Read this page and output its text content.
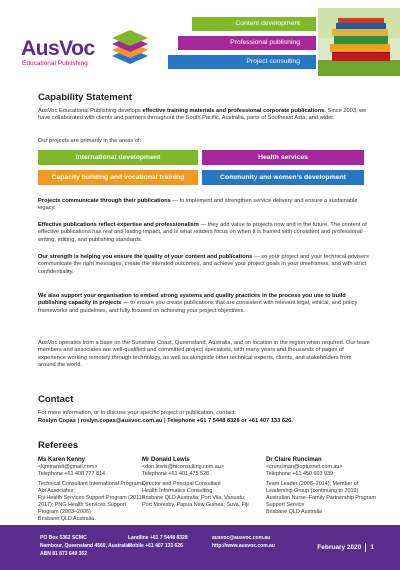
AusVoc
Educational Publishing
Content development
Professional publishing
Project consulting
Capability Statement

AusVoc Educational Publishing develops effective training materials and professional corporate publications. Since 2003, we have collaborated with clients and partners throughout the South Pacific, Australia, parts of Southeast Asia, and wider.

Our projects are primarily in the areas of:

International development	Health services
Capacity building and vocational training	Community and women’s development

Projects communicate through their publications — to implement and strengthen service delivery and ensure a sustainable legacy.

Effective publications reflect expertise and professionalism — they add value to projects now and in the future. The content of effective publications has real and lasting impact, and is what readers focus on when it is framed with consistent and professional writing, editing, and publishing standards.

Our strength is helping you ensure the quality of your content and publications — so your project and your technical advisers communicate the right messages, create the intended outcomes, and achieve your project goals in your timeframes, and with strict confidentiality.

We also support your organisation to embed strong systems and quality practices in the process you use to build publishing capacity in projects — to ensure you create publications that are consistent with relevant legal, ethical, and policy frameworks and guidelines, and fully focused on achieving your project objectives.

AusVoc operates from a base on the Sunshine Coast, Queensland, Australia, and on location in the region when required. Our team members and associates are well-qualified and committed project specialists, with many years and thousands of pages of experience working remotely through technology, as well as alongside other technical experts, clients, and stakeholders from around the world.

Contact

For more information, or to discuss your specific project or publication, contact:

Roslyn Copas | roslyn.copas@ausvoc.com.au | Telephone +61 7 5448 8328 or +61 407 133 626.

Referees
Ms Karen Kenny
<kjmtransit@gmail.com>
Telephone +61 408 777 814
Technical Consultant International Programs, Abt Associates;
Fiji Health Services Support Program (2011–2017); PNG Health Services Support Program (2003–2006)
Brisbane QLD Australia
Mr Donald Lewis
<don.lewis@hiconsulting.com.au>
Telephone +61 401 475 528
Director and Principal Consultant
Health Informatics Consulting
Brisbane QLD Australia; Port Vila, Vanuatu; Port Moresby, Papua New Guinea; Suva, Fiji
Dr Claire Runciman
<crunciman@optusnet.com.au>
Telephone +61 450 603 939
Team Leader (2008–2014); Member of Leadership Group (continuing to 2019)
Australian Nurse–Family Partnership Program Support Service
Brisbane QLD Australia
PO Box 5362 SCMC
Nambour, Queensland 4560, Australia
ABN 81 873 649 352
Landline +61 7 5448 8328
Mobile +61 407 133 626
ausvoc@ausvoc.com.au
http://www.ausvoc.com.au	February 2020 1
